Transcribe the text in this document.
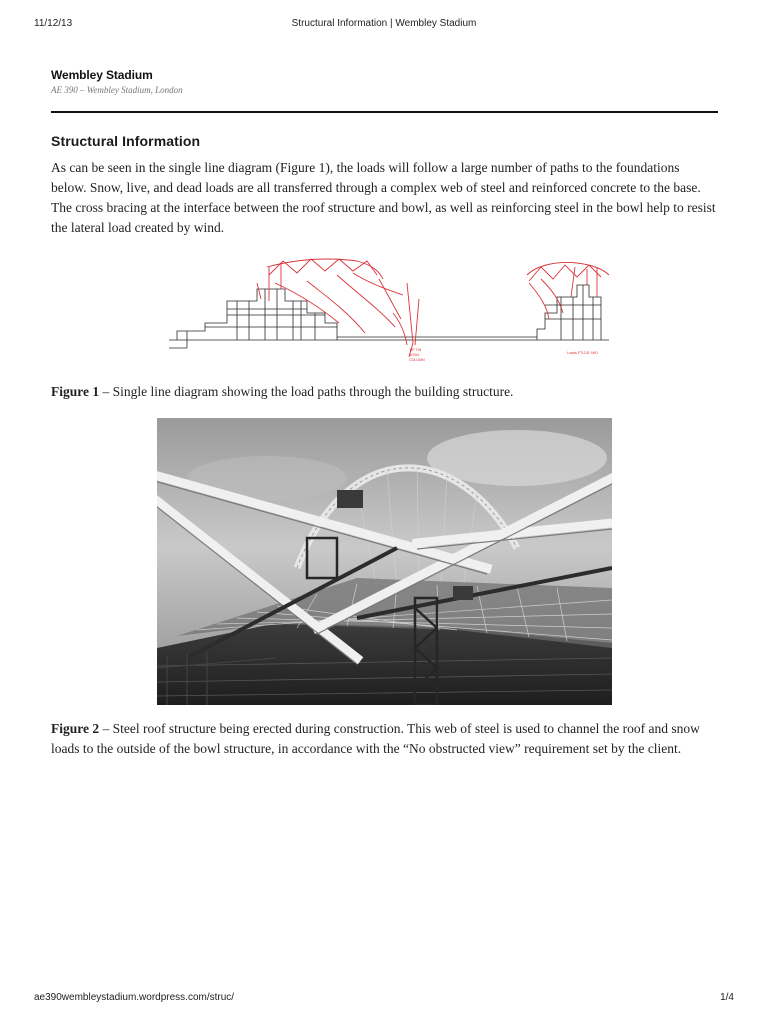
11/12/13	Structural Information | Wembley Stadium
Wembley Stadium
AE 390 – Wembley Stadium, London
Structural Information

As can be seen in the single line diagram (Figure 1), the loads will follow a large number of paths to the foundations below. Snow, live, and dead loads are all transferred through a complex web of steel and reinforced concrete to the base. The cross bracing at the interface between the roof structure and bowl, as well as reinforcing steel in the bowl help to resist the lateral load created by wind.

TIP TIN
BOWL
COLUMN
Loads FTLDD SHD

Figure 1 – Single line diagram showing the load paths through the building structure.

Figure 2 – Steel roof structure being erected during construction. This web of steel is used to channel the roof and snow loads to the outside of the bowl structure, in accordance with the “No obstructed view” requirement set by the client.

ae390wembleystadium.wordpress.com/struc/	1/4
